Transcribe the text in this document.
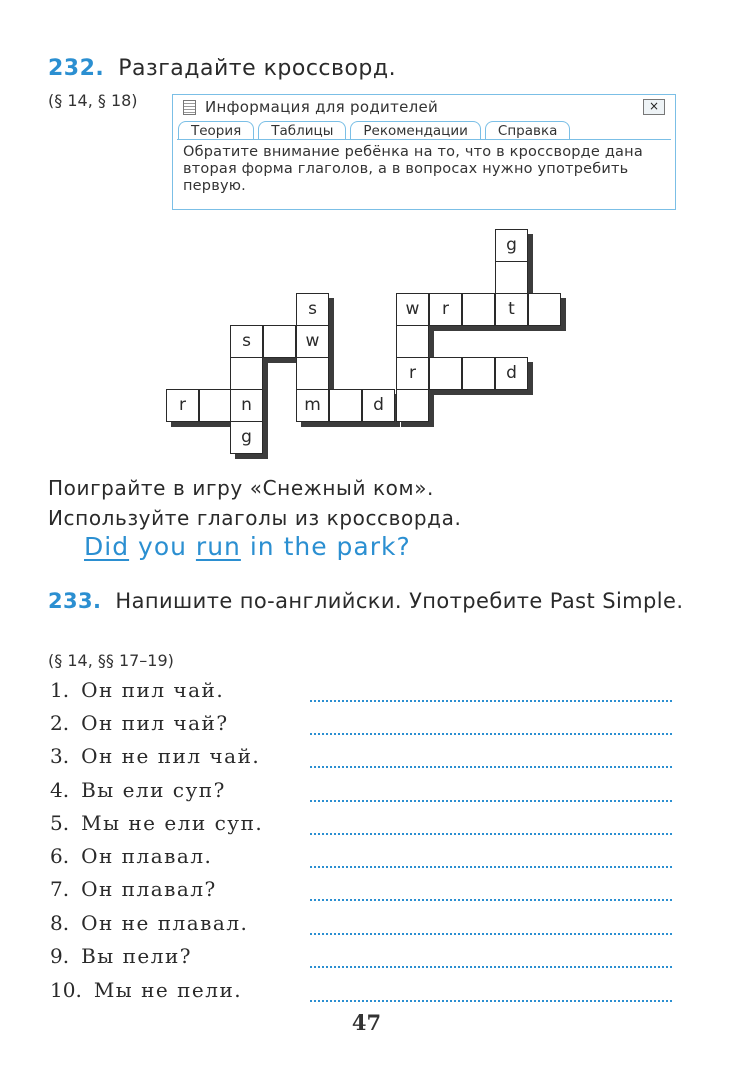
232. Разгадайте кроссворд.
(§ 14, § 18)	Информация для родителей	×
Теория	Таблицы	Рекомендации	Справка
Обратите внимание ребёнка на то, что в кроссворде дана вторая форма глаголов, а в вопросах нужно употребить первую.
g
s	w	r	t
s	w
r	d
r	n	m	d
g

Поиграйте в игру «Снежный ком».

Используйте глаголы из кроссворда.

Did you run in the park?
233. Напишите по-английски. Употребите Past Simple.
(§ 14, §§ 17–19)
1. Он пил чай.
2. Он пил чай?
3. Он не пил чай.
4. Вы ели суп?
5. Мы не ели суп.
6. Он плавал.
7. Он плавал?
8. Он не плавал.
9. Вы пели?
10. Мы не пели.
47
